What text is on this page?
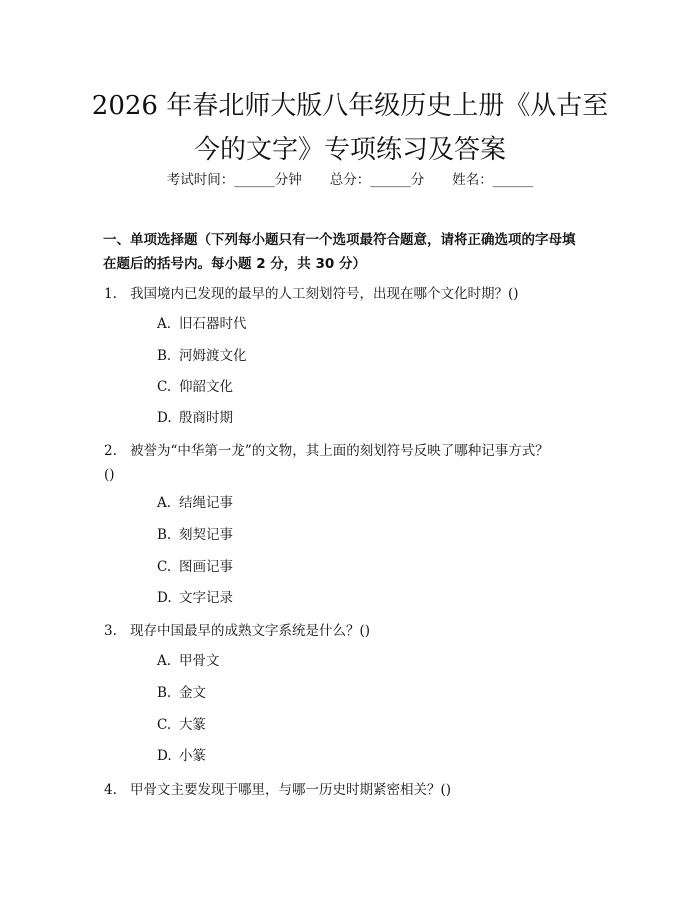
2026 年春北师大版八年级历史上册《从古至
今的文字》专项练习及答案
考试时间：______分钟 总分：______分 姓名：______
一、单项选择题（下列每小题只有一个选项最符合题意，请将正确选项的字母填
在题后的括号内。每小题 2 分，共 30 分）
1. 我国境内已发现的最早的人工刻划符号，出现在哪个文化时期？()
A. 旧石器时代
B. 河姆渡文化
C. 仰韶文化
D. 殷商时期
2. 被誉为“中华第一龙”的文物，其上面的刻划符号反映了哪种记事方式？
()
A. 结绳记事
B. 刻契记事
C. 图画记事
D. 文字记录
3. 现存中国最早的成熟文字系统是什么？()
A. 甲骨文
B. 金文
C. 大篆
D. 小篆
4. 甲骨文主要发现于哪里，与哪一历史时期紧密相关？()
